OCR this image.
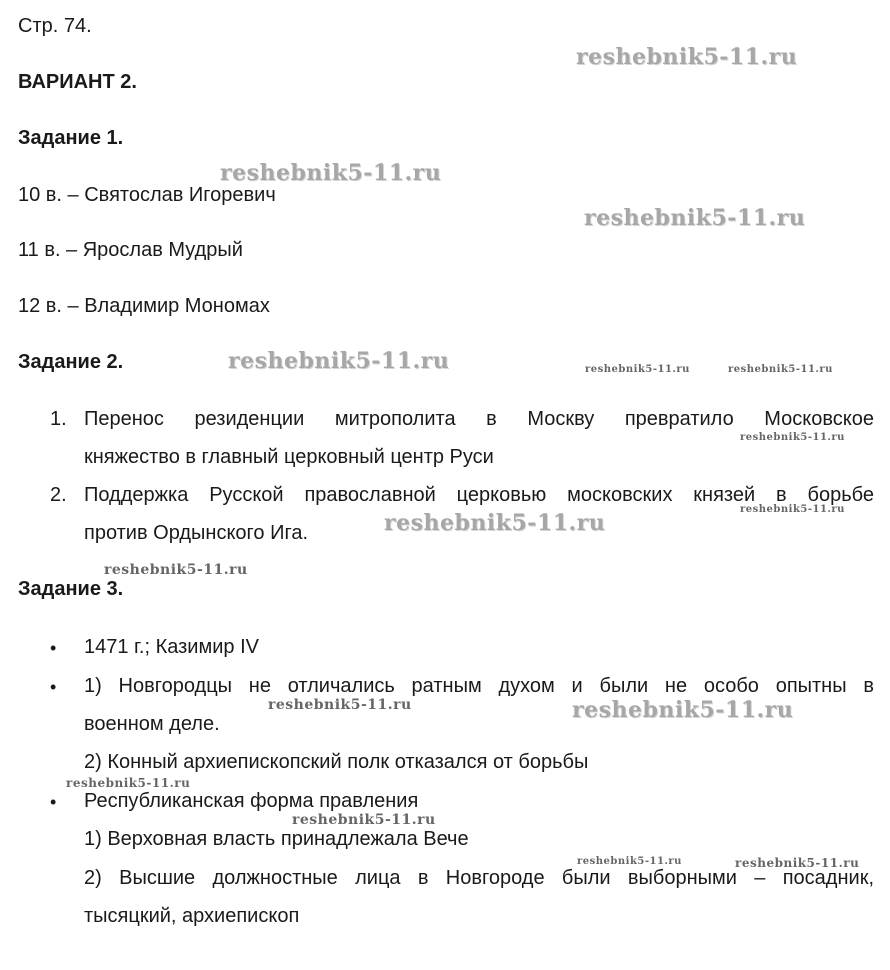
Стр. 74.
ВАРИАНТ 2.
Задание 1.
10 в. – Святослав Игоревич
11 в. – Ярослав Мудрый
12 в. – Владимир Мономах
Задание 2.
1. Перенос резиденции митрополита в Москву превратило Московское
княжество в главный церковный центр Руси
2. Поддержка Русской православной церковью московских князей в борьбе
против Ордынского Ига.
Задание 3.
• 1471 г.; Казимир IV
• 1) Новгородцы не отличались ратным духом и были не особо опытны в
военном деле.
2) Конный архиепископский полк отказался от борьбы
• Республиканская форма правления
1) Верховная власть принадлежала Вече
2) Высшие должностные лица в Новгороде были выборными – посадник,
тысяцкий, архиепископ
reshebnik5-11.ru
reshebnik5-11.ru
reshebnik5-11.ru
reshebnik5-11.ru	reshebnik5-11.ru	reshebnik5-11.ru
reshebnik5-11.ru
reshebnik5-11.ru
reshebnik5-11.ru
reshebnik5-11.ru
reshebnik5-11.ru	reshebnik5-11.ru
reshebnik5-11.ru
reshebnik5-11.ru
reshebnik5-11.ru	reshebnik5-11.ru
